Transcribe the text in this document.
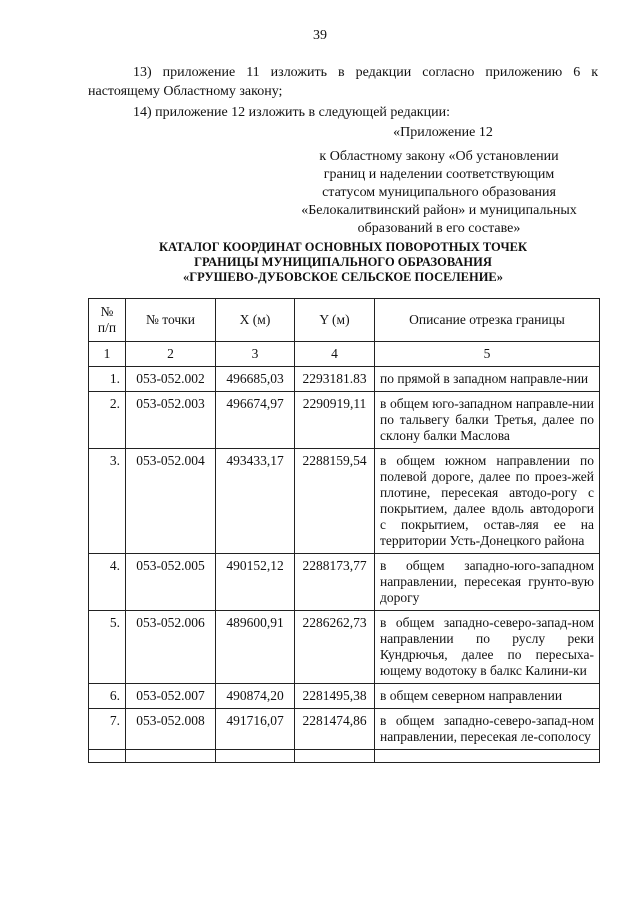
39
13) приложение 11 изложить в редакции согласно приложению 6 к настоящему Областному закону;
14) приложение 12 изложить в следующей редакции:
«Приложение 12
к Областному закону «Об установлении
границ и наделении соответствующим
статусом муниципального образования
«Белокалитвинский район» и муниципальных
образований в его составе»
КАТАЛОГ КООРДИНАТ ОСНОВНЫХ ПОВОРОТНЫХ ТОЧЕК
ГРАНИЦЫ МУНИЦИПАЛЬНОГО ОБРАЗОВАНИЯ
«ГРУШЕВО-ДУБОВСКОЕ СЕЛЬСКОЕ ПОСЕЛЕНИЕ»
№ п/п	№ точки	X (м)	Y (м)	Описание отрезка границы
1	2	3	4	5
1.	053-052.002	496685,03	2293181.83	по прямой в западном направле-нии
2.	053-052.003	496674,97	2290919,11	в общем юго-западном направле-нии по тальвегу балки Третья, далее по склону балки Маслова
3.	053-052.004	493433,17	2288159,54	в общем южном направлении по полевой дороге, далее по проез-жей плотине, пересекая автодо-рогу с покрытием, далее вдоль автодороги с покрытием, остав-ляя ее на территории Усть-Донецкого района
4.	053-052.005	490152,12	2288173,77	в общем западно-юго-западном направлении, пересекая грунто-вую дорогу
5.	053-052.006	489600,91	2286262,73	в общем западно-северо-запад-ном направлении по руслу реки Кундрючья, далее по пересыха-ющему водотоку в балкс Калини-ки
6.	053-052.007	490874,20	2281495,38	в общем северном направлении
7.	053-052.008	491716,07	2281474,86	в общем западно-северо-запад-ном направлении, пересекая ле-сополосу
